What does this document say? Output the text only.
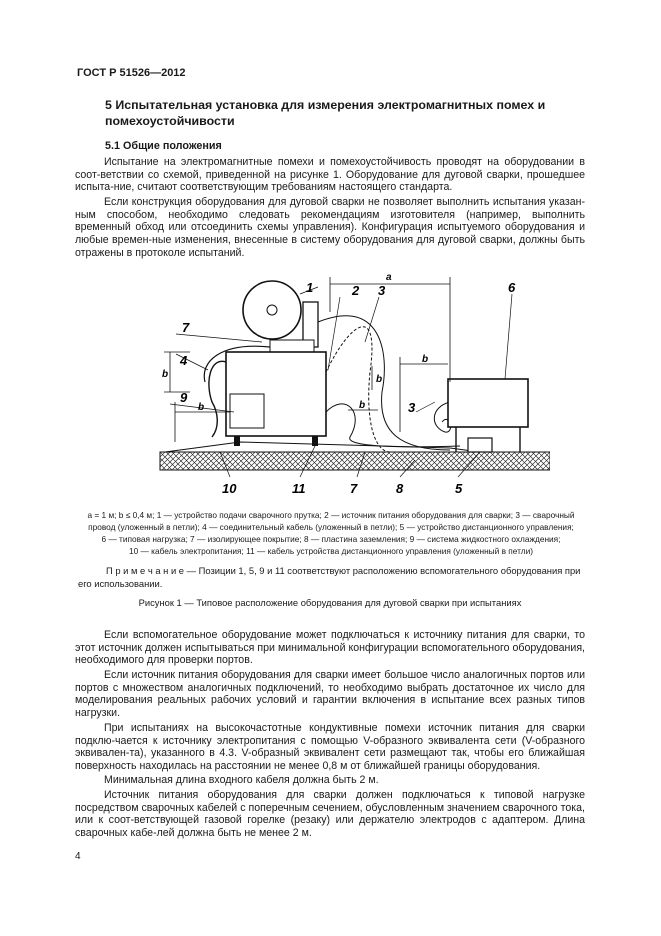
ГОСТ Р 51526—2012
5 Испытательная установка для измерения электромагнитных помех и помехоустойчивости
5.1 Общие положения
Испытание на электромагнитные помехи и помехоустойчивость проводят на оборудовании в соот-ветствии со схемой, приведенной на рисунке 1. Оборудование для дуговой сварки, прошедшее испыта-ние, считают соответствующим требованиям настоящего стандарта.
Если конструкция оборудования для дуговой сварки не позволяет выполнить испытания указан-ным способом, необходимо следовать рекомендациям изготовителя (например, выполнить временный обход или отсоединить схемы управления). Конфигурация испытуемого оборудования и любые времен-ные изменения, внесенные в систему оборудования для дуговой сварки, должны быть отражены в протоколе испытаний.
1	2 3
3
4
5
6
7
7	8
9
10	11
a
b
b
b
b
b
a = 1 м; b ≤ 0,4 м; 1 — устройство подачи сварочного прутка; 2 — источник питания оборудования для сварки; 3 — сварочный
провод (уложенный в петли); 4 — соединительный кабель (уложенный в петли); 5 — устройство дистанционного управления;
6 — типовая нагрузка; 7 — изолирующее покрытие; 8 — пластина заземления; 9 — система жидкостного охлаждения;
10 — кабель электропитания; 11 — кабель устройства дистанционного управления (уложенный в петли)
П р и м е ч а н и е — Позиции 1, 5, 9 и 11 соответствуют расположению вспомогательного оборудования при его использовании.
Рисунок 1 — Типовое расположение оборудования для дуговой сварки при испытаниях
Если вспомогательное оборудование может подключаться к источнику питания для сварки, то этот источник должен испытываться при минимальной конфигурации вспомогательного оборудования, необходимого для проверки портов.
Если источник питания оборудования для сварки имеет большое число аналогичных портов или портов с множеством аналогичных подключений, то необходимо выбрать достаточное их число для моделирования реальных рабочих условий и гарантии включения в испытание всех разных типов нагрузки.
При испытаниях на высокочастотные кондуктивные помехи источник питания для сварки подклю-чается к источнику электропитания с помощью V-образного эквивалента сети (V-образного эквивален-та), указанного в 4.3. V-образный эквивалент сети размещают так, чтобы его ближайшая поверхность находилась на расстоянии не менее 0,8 м от ближайшей границы оборудования.
Минимальная длина входного кабеля должна быть 2 м.
Источник питания оборудования для сварки должен подключаться к типовой нагрузке посредством сварочных кабелей с поперечным сечением, обусловленным значением сварочного тока, или к соот-ветствующей газовой горелке (резаку) или держателю электродов с адаптером. Длина сварочных кабе-лей должна быть не менее 2 м.
4
